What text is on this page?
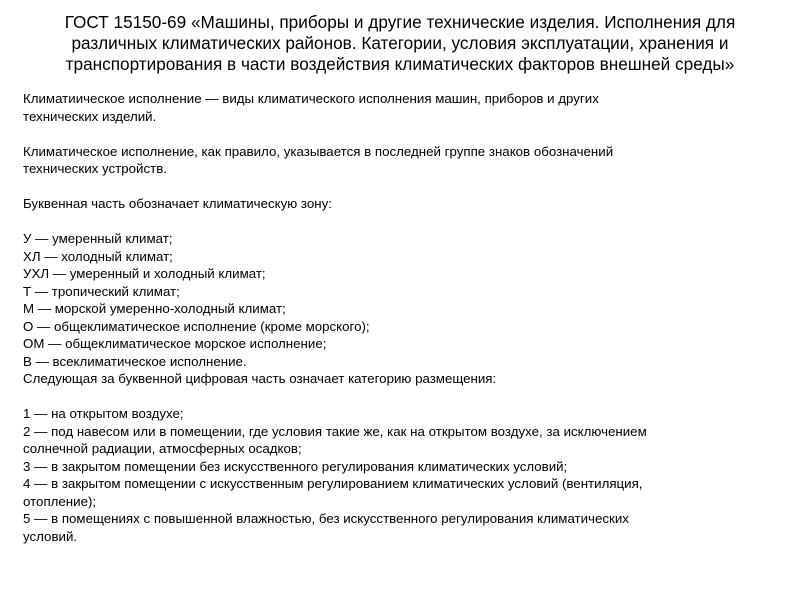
ГОСТ 15150-69 «Машины, приборы и другие технические изделия. Исполнения для
различных климатических районов. Категории, условия эксплуатации, хранения и
транспортирования в части воздействия климатических факторов внешней среды»
Климатиическое исполнение — виды климатического исполнения машин, приборов и других
технических изделий.
Климатическое исполнение, как правило, указывается в последней группе знаков обозначений
технических устройств.
Буквенная часть обозначает климатическую зону:
У — умеренный климат;
ХЛ — холодный климат;
УХЛ — умеренный и холодный климат;
Т — тропический климат;
М — морской умеренно-холодный климат;
О — общеклиматическое исполнение (кроме морского);
ОМ — общеклиматическое морское исполнение;
В — всеклиматическое исполнение.
Следующая за буквенной цифровая часть означает категорию размещения:
1 — на открытом воздухе;
2 — под навесом или в помещении, где условия такие же, как на открытом воздухе, за исключением
солнечной радиации, атмосферных осадков;
3 — в закрытом помещении без искусственного регулирования климатических условий;
4 — в закрытом помещении с искусственным регулированием климатических условий (вентиляция,
отопление);
5 — в помещениях с повышенной влажностью, без искусственного регулирования климатических
условий.
